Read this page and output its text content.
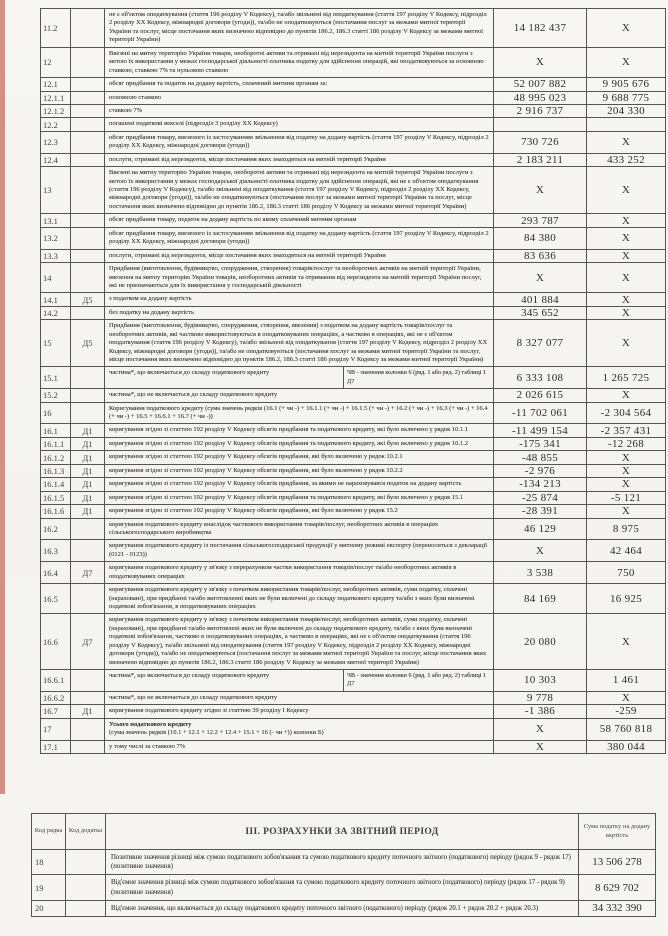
11.2		не є об'єктом оподаткування (стаття 196 розділу V Кодексу), та/або звільнені від оподаткування (стаття 197 розділу V Кодексу, підрозділ 2 розділу XX Кодексу, міжнародні договори (угоди)), та/або не оподатковуються (постачання послуг за межами митної території України та послуг, місце постачання яких визначено відповідно до пунктів 186.2, 186.3 статті 186 розділу V Кодексу за межами митної території України)	14 182 437	X
12		Ввезені на митну територію України товари, необоротні активи та отримані від нерезидента на митній території України послуги з метою їх використання у межах господарської діяльності платника податку для здійснення операцій, які оподатковуються за основною ставкою, ставкою 7% та нульовою ставкою	X	X
12.1		обсяг придбання та податок на додану вартість, сплачений митним органам за:	52 007 882	9 905 676
12.1.1		основною ставкою	48 995 023	9 688 775
12.1.2		ставкою 7%	2 916 737	204 330
12.2		погашені податкові векселі (підрозділ 3 розділу XX Кодексу)		

12.3		обсяг придбання товару, ввезеного із застосуванням звільнення від податку на додану вартість (стаття 197 розділу V Кодексу, підрозділ 2 розділу XX Кодексу, міжнародні договори (угоди))	730 726	X
12.4		послуги, отримані від нерезидента, місце постачання яких знаходиться на митній території України	2 183 211	433 252
13		Ввезені на митну територію України товари, необоротні активи та отримані від нерезидента на митній території України послуги з метою їх використання у межах господарської діяльності платника податку для здійснення операцій, які не є об'єктом оподаткування (стаття 196 розділу V Кодексу), та/або звільнені від оподаткування (стаття 197 розділу V Кодексу, підрозділ 2 розділу XX Кодексу, міжнародні договори (угоди)), та/або не оподатковуються (постачання послуг за межами митної території України та послуг, місце постачання яких визначено відповідно до пунктів 186.2, 186.3 статті 186 розділу V Кодексу за межами митної території України)	X	X
13.1		обсяг придбання товару, податок на додану вартість по якому сплачений митним органам	293 787	X
13.2		обсяг придбання товару, ввезеного із застосуванням звільнення від податку на додану вартість (стаття 197 розділу V Кодексу, підрозділ 2 розділу XX Кодексу, міжнародні договори (угоди))	84 380	X
13.3		послуги, отримані від нерезидента, місце постачання яких знаходиться на митній території України	83 636	X
14		Придбання (виготовлення, будівництво, спорудження, створення) товарів/послуг та необоротних активів на митній території України, ввезення на митну територію України товарів, необоротних активів та отримання від нерезидента на митній території України послуг, які не призначаються для їх використання у господарській діяльності	X	X
14.1	Д5	з податком на додану вартість	401 884	X
14.2		без податку на додану вартість	345 652	X
15	Д5	Придбання (виготовлення, будівництво, спорудження, створення, ввезення) з податком на додану вартість товарів/послуг та необоротних активів, які частково використовуються в оподатковуваних операціях, а частково в операціях, які не є об'єктом оподаткування (стаття 196 розділу V Кодексу), та/або звільнені від оподаткування (стаття 197 розділу V Кодексу, підрозділ 2 розділу XX Кодексу, міжнародні договори (угоди)), та/або не оподатковуються (постачання послуг за межами митної території України та послуг, місце постачання яких визначено відповідно до пунктів 186.2, 186.3 статті 186 розділу V Кодексу за межами митної території України)	8 327 077	X
15.1		частина*, що включається до складу податкового кредиту ЧВ - значення колонки 6 (ряд. 1 або ряд. 2) таблиці 1 Д7	6 333 108	1 265 725
15.2		частина*, що не включається до складу податкового кредиту	2 026 615	X
16		Коригування податкового кредиту (сума значень рядків (16.1 (+ чи -) + 16.1.1 (+ чи -) + 16.1.5 (+ чи -) + 16.2 (+ чи -) + 16.3 (+ чи -) + 16.4 (+ чи -) + 16.5 + 16.6.1 + 16.7 (+ чи -))	-11 702 061	-2 304 564
16.1	Д1	коригування згідно зі статтею 192 розділу V Кодексу обсягів придбання та податкового кредиту, які було включено у рядок 10.1.1	-11 499 154	-2 357 431
16.1.1	Д1	коригування згідно зі статтею 192 розділу V Кодексу обсягів придбання та податкового кредиту, які було включено у рядок 10.1.2	-175 341	-12 268
16.1.2	Д1	коригування згідно зі статтею 192 розділу V Кодексу обсягів придбання, які було включено у рядок 10.2.1	-48 855	X
16.1.3	Д1	коригування згідно зі статтею 192 розділу V Кодексу обсягів придбання, які було включено у рядок 10.2.2	-2 976	X
16.1.4	Д1	коригування згідно зі статтею 192 розділу V Кодексу обсягів придбання, за якими не нараховувався податок на додану вартість	-134 213	X
16.1.5	Д1	коригування згідно зі статтею 192 розділу V Кодексу обсягів придбання та податкового кредиту, які було включено у рядок 15.1	-25 874	-5 121
16.1.6	Д1	коригування згідно зі статтею 192 розділу V Кодексу обсягів придбання, які було включено у рядок 15.2	-28 391	X
16.2		коригування податкового кредиту внаслідок часткового використання товарів/послуг, необоротних активів в операціях сільськогосподарського виробництва	46 129	8 975
16.3		коригування податкового кредиту із постачання сільськогосподарської продукції у митному режимі експорту (переноситься з декларації (0121 - 0123))	X	42 464
16.4	Д7	коригування податкового кредиту у зв'язку з перерахунком частки використання товарів/послуг та/або необоротних активів в оподатковуваних операціях	3 538	750
16.5		коригування податкового кредиту у зв'язку з початком використання товарів/послуг, необоротних активів, суми податку, сплачені (нараховані), при придбанні та/або виготовленні яких не були включені до складу податкового кредиту та/або з яких були визначені податкові зобов'язання, в оподатковуваних операціях	84 169	16 925
16.6	Д7	коригування податкового кредиту у зв'язку з початком використання товарів/послуг, необоротних активів, суми податку, сплачені (нараховані), при придбанні та/або виготовлені яких не були включені до складу податкового кредиту, та/або з яких були визначені податкові зобов'язання, частково в оподатковуваних операціях, а частково в операціях, які не є об'єктом оподаткування (стаття 196 розділу V Кодексу), та/або звільнені від оподаткування (стаття 197 розділу V Кодексу, підрозділ 2 розділу XX Кодексу, міжнародні договори (угоди)), та/або не оподатковуються (постачання послуг за межами митної території України та послуг, місце постачання яких визначено відповідно до пунктів 186.2, 186.3 статті 186 розділу V Кодексу за межами митної території України)	20 080	X
16.6.1		частина*, що включається до складу податкового кредиту ЧВ - значення колонки 6 (ряд. 1 або ряд. 2) таблиці 1 Д7	10 303	1 461
16.6.2		частина*, що не включається до складу податкового кредиту	9 778	X
16.7	Д1	коригування податкового кредиту згідно зі статтею 39 розділу I Кодексу	-1 386	-259
17		Усього податкового кредиту
(сума значень рядків (10.1 + 12.1 + 12.2 + 12.4 + 15.1 + 16 (- чи +)) колонки Б)	X	58 760 818
17.1		у тому числі за ставкою 7%	X	380 044
Код рядка	Код додатка	ІІІ. РОЗРАХУНКИ ЗА ЗВІТНИЙ ПЕРІОД	Сума податку на додану вартість
18		Позитивне значення різниці між сумою податкового зобов'язання та сумою податкового кредиту поточного звітного (податкового) періоду (рядок 9 - рядок 17) (позитивне значення)	13 506 278
19		Від'ємне значення різниці між сумою податкового зобов'язання та сумою податкового кредиту поточного звітного (податкового) періоду (рядок 17 - рядок 9) (позитивне значення)	8 629 702
20		Від'ємне значення, що включається до складу податкового кредиту поточного звітного (податкового) періоду (рядок 20.1 + рядок 20.2 + рядок 20.3)	34 332 390
